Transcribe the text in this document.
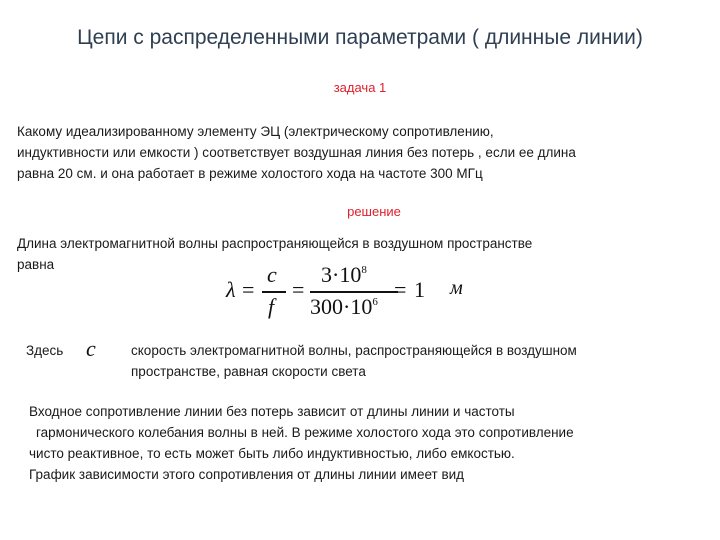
Цепи с распределенными параметрами ( длинные линии)
задача 1
Какому идеализированному элементу ЭЦ (электрическому сопротивлению,
индуктивности или емкости ) соответствует воздушная линия без потерь , если ее длина
равна 20 см. и она работает в режиме холостого хода на частоте 300 МГц
решение
Длина электромагнитной волны распространяющейся в воздушном пространстве
равна
λ =
c
f
=
$3\cdot 10^8$
$300\cdot 10^6 = 1$ м
Здесь c	скорость электромагнитной волны, распространяющейся в воздушном
пространстве, равная скорости света
Входное сопротивление линии без потерь зависит от длины линии и частоты
гармонического колебания волны в ней. В режиме холостого хода это сопротивление
чисто реактивное, то есть может быть либо индуктивностью, либо емкостью.
График зависимости этого сопротивления от длины линии имеет вид
